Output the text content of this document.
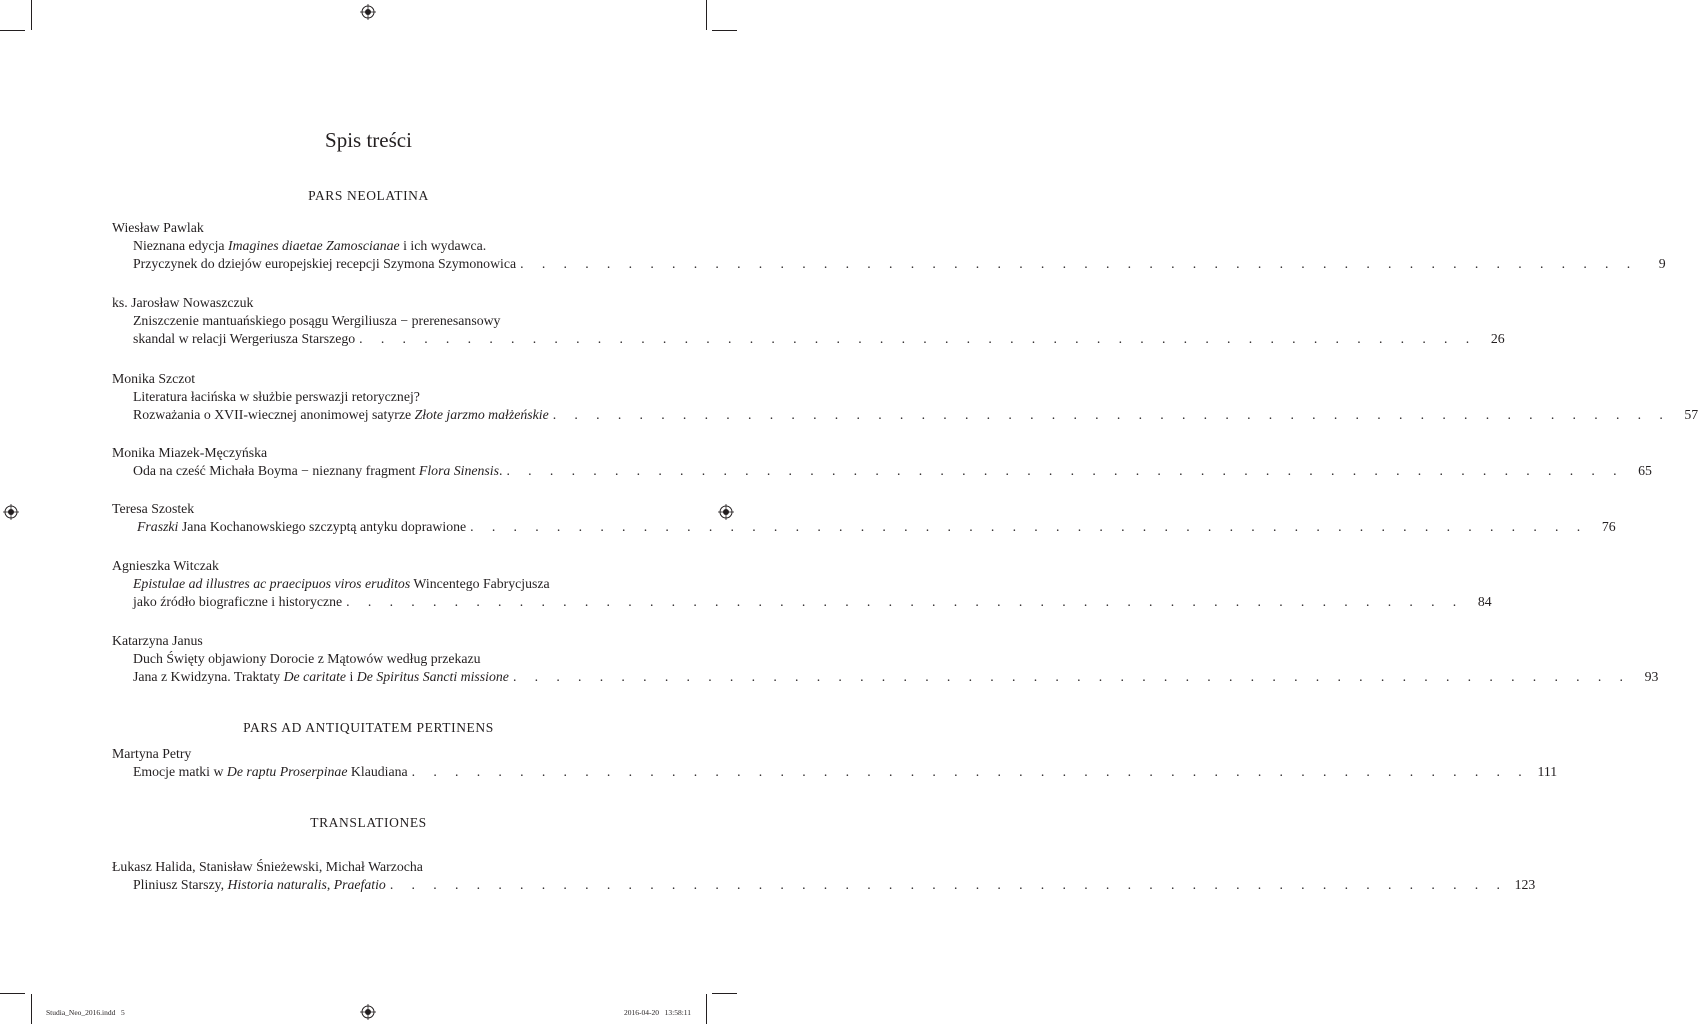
Spis treści
PARS NEOLATINA
PARS AD ANTIQUITATEM PERTINENS
TRANSLATIONES
Wiesław Pawlak
Nieznana edycja Imagines diaetae Zamoscianae i ich wydawca.
Przyczynek do dziejów europejskiej recepcji Szymona Szymonowica . . . . . . . . . . . . . . . . . . . . . . . . . . . . . . . . . . . . . . . . . . . . . . . . . . . .	9
ks. Jarosław Nowaszczuk
Zniszczenie mantuańskiego posągu Wergiliusza − prerenesansowy
skandal w relacji Wergeriusza Starszego . . . . . . . . . . . . . . . . . . . . . . . . . . . . . . . . . . . . . . . . . . . . . . . . . . . .	26
Monika Szczot
Literatura łacińska w służbie perswazji retorycznej?
Rozważania o XVII-wiecznej anonimowej satyrze Złote jarzmo małżeńskie . . . . . . . . . . . . . . . . . . . . . . . . . . . . . . . . . . . . . . . . . . . . . . . . . . . .	57
Monika Miazek-Męczyńska
Oda na cześć Michała Boyma − nieznany fragment Flora Sinensis. . . . . . . . . . . . . . . . . . . . . . . . . . . . . . . . . . . . . . . . . . . . . . . . . . . . .	65
Teresa Szostek
Fraszki Jana Kochanowskiego szczyptą antyku doprawione . . . . . . . . . . . . . . . . . . . . . . . . . . . . . . . . . . . . . . . . . . . . . . . . . . . .	76
Agnieszka Witczak
Epistulae ad illustres ac praecipuos viros eruditos Wincentego Fabrycjusza
jako źródło biograficzne i historyczne . . . . . . . . . . . . . . . . . . . . . . . . . . . . . . . . . . . . . . . . . . . . . . . . . . . .	84
Katarzyna Janus
Duch Święty objawiony Dorocie z Mątowów według przekazu
Jana z Kwidzyna. Traktaty De caritate i De Spiritus Sancti missione . . . . . . . . . . . . . . . . . . . . . . . . . . . . . . . . . . . . . . . . . . . . . . . . . . . .	93
Martyna Petry
Emocje matki w De raptu Proserpinae Klaudiana . . . . . . . . . . . . . . . . . . . . . . . . . . . . . . . . . . . . . . . . . . . . . . . . . . . . 111
Łukasz Halida, Stanisław Śnieżewski, Michał Warzocha
Pliniusz Starszy, Historia naturalis, Praefatio . . . . . . . . . . . . . . . . . . . . . . . . . . . . . . . . . . . . . . . . . . . . . . . . . . . . 123
Studia_Neo_2016.indd   5	2016-04-20   13:58:11
